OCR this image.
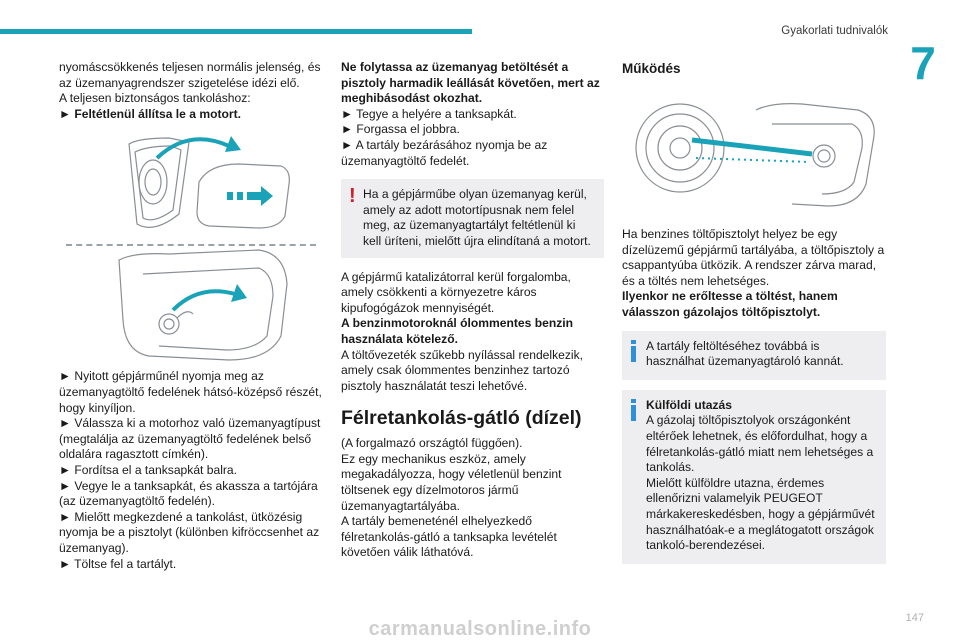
Gyakorlati tudnivalók
7

nyomáscsökkenés teljesen normális jelenség, és az üzemanyagrendszer szigetelése idézi elő.

A teljesen biztonságos tankoláshoz:

► Feltétlenül állítsa le a motort.

► Nyitott gépjárműnél nyomja meg az üzemanyagtöltő fedelének hátsó-középső részét, hogy kinyíljon.

► Válassza ki a motorhoz való üzemanyagtípust (megtalálja az üzemanyagtöltő fedelének belső oldalára ragasztott címkén).

► Fordítsa el a tanksapkát balra.

► Vegye le a tanksapkát, és akassza a tartójára (az üzemanyagtöltő fedelén).

► Mielőtt megkezdené a tankolást, ütközésig nyomja be a pisztolyt (különben kifröccsenhet az üzemanyag).

► Töltse fel a tartályt.

Ne folytassa az üzemanyag betöltését a pisztoly harmadik leállását követően, mert az meghibásodást okozhat.

► Tegye a helyére a tanksapkát.

► Forgassa el jobbra.

► A tartály bezárásához nyomja be az üzemanyagtöltő fedelét.

! Ha a gépjárműbe olyan üzemanyag kerül, amely az adott motortípusnak nem felel meg, az üzemanyagtartályt feltétlenül ki kell üríteni, mielőtt újra elindítaná a motort.

A gépjármű katalizátorral kerül forgalomba, amely csökkenti a környezetre káros kipufogógázok mennyiségét.

A benzinmotoroknál ólommentes benzin használata kötelező.

A töltővezeték szűkebb nyílással rendelkezik, amely csak ólommentes benzinhez tartozó pisztoly használatát teszi lehetővé.

Félretankolás-gátló (dízel)

(A forgalmazó országtól függően).

Ez egy mechanikus eszköz, amely megakadályozza, hogy véletlenül benzint töltsenek egy dízelmotoros jármű üzemanyagtartályába.

A tartály bemeneténél elhelyezkedő félretankolás-gátló a tanksapka levételét követően válik láthatóvá.

Működés

Ha benzines töltőpisztolyt helyez be egy dízelüzemű gépjármű tartályába, a töltőpisztoly a csappantyúba ütközik. A rendszer zárva marad, és a töltés nem lehetséges.

Ilyenkor ne erőltesse a töltést, hanem válasszon gázolajos töltőpisztolyt.

A tartály feltöltéséhez továbbá is használhat üzemanyagtároló kannát.

Külföldi utazás

A gázolaj töltőpisztolyok országonként eltérőek lehetnek, és előfordulhat, hogy a félretankolás-gátló miatt nem lehetséges a tankolás.

Mielőtt külföldre utazna, érdemes ellenőrizni valamelyik PEUGEOT márkakereskedésben, hogy a gépjárművét használhatóak-e a meglátogatott országok tankoló-berendezései.

147
carmanualsonline.info
